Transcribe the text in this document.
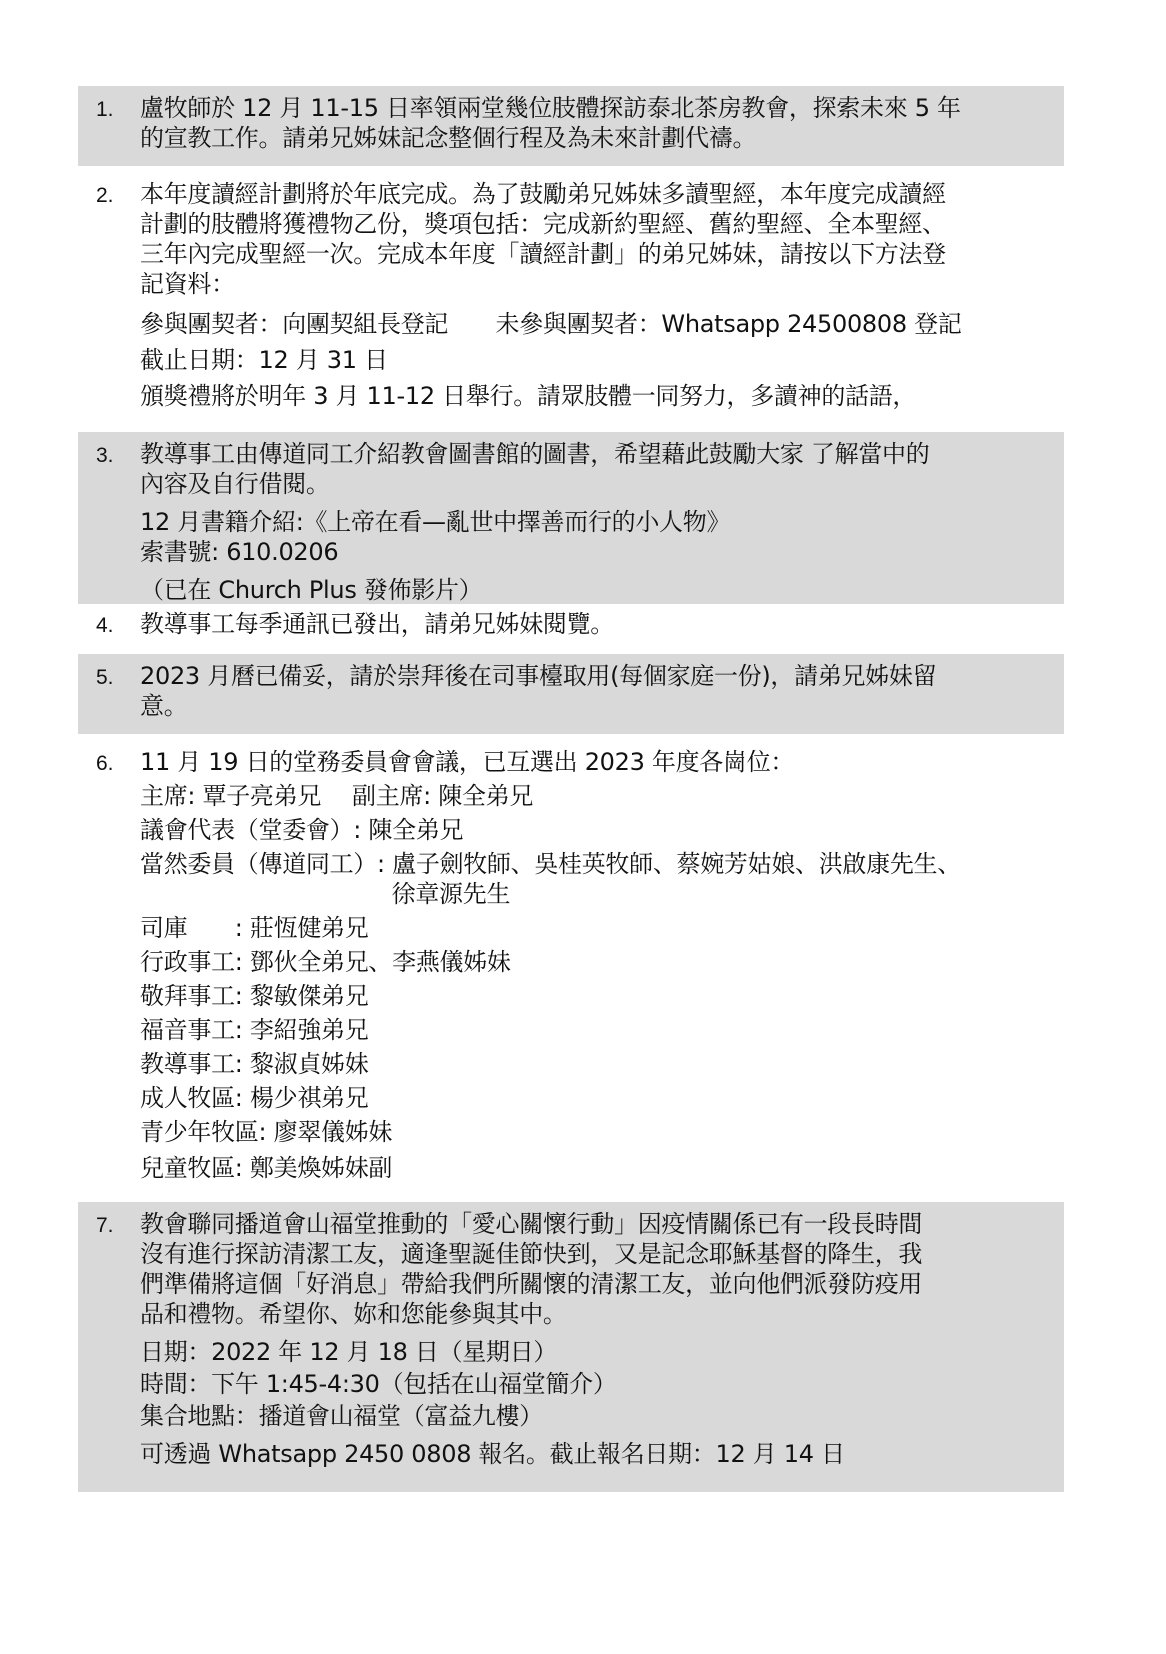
1. 盧牧師於 12 月 11-15 日率領兩堂幾位肢體探訪泰北茶房教會，探索未來 5 年
的宣教工作。請弟兄姊妹記念整個行程及為未來計劃代禱。
2. 本年度讀經計劃將於年底完成。為了鼓勵弟兄姊妹多讀聖經，本年度完成讀經
計劃的肢體將獲禮物乙份，獎項包括：完成新約聖經、舊約聖經、全本聖經、
三年內完成聖經一次。完成本年度「讀經計劃」的弟兄姊妹，請按以下方法登
記資料：
參與團契者：向團契組長登記　　未參與團契者：Whatsapp 24500808 登記
截止日期：12 月 31 日
頒獎禮將於明年 3 月 11-12 日舉行。請眾肢體一同努力，多讀神的話語，
3. 教導事工由傳道同工介紹教會圖書館的圖書，希望藉此鼓勵大家 了解當中的
內容及自行借閱。
12 月書籍介紹:《上帝在看—亂世中擇善而行的小人物》
索書號: 610.0206
（已在 Church Plus 發佈影片）
4. 教導事工每季通訊已發出，請弟兄姊妹閱覽。
5. 2023 月曆已備妥，請於崇拜後在司事檯取用(每個家庭一份)，請弟兄姊妹留
意。
6. 11 月 19 日的堂務委員會會議，已互選出 2023 年度各崗位：
主席: 覃子亮弟兄　 副主席: 陳全弟兄
議會代表（堂委會）: 陳全弟兄
當然委員（傳道同工）: 盧子劍牧師、吳桂英牧師、蔡婉芳姑娘、洪啟康先生、
　　　　　　　　　　  徐章源先生
司庫　　: 莊恆健弟兄
行政事工: 鄧伙全弟兄、李燕儀姊妹
敬拜事工: 黎敏傑弟兄
福音事工: 李紹強弟兄
教導事工: 黎淑貞姊妹
成人牧區: 楊少祺弟兄
青少年牧區: 廖翠儀姊妹
兒童牧區: 鄭美煥姊妹副
7. 教會聯同播道會山福堂推動的「愛心關懷行動」因疫情關係已有一段長時間
沒有進行探訪清潔工友，適逢聖誕佳節快到，又是記念耶穌基督的降生，我
們準備將這個「好消息」帶給我們所關懷的清潔工友，並向他們派發防疫用
品和禮物。希望你、妳和您能參與其中。
日期：2022 年 12 月 18 日（星期日）
時間：下午 1:45-4:30（包括在山福堂簡介）
集合地點：播道會山福堂（富益九樓）
可透過 Whatsapp 2450 0808 報名。截止報名日期：12 月 14 日
